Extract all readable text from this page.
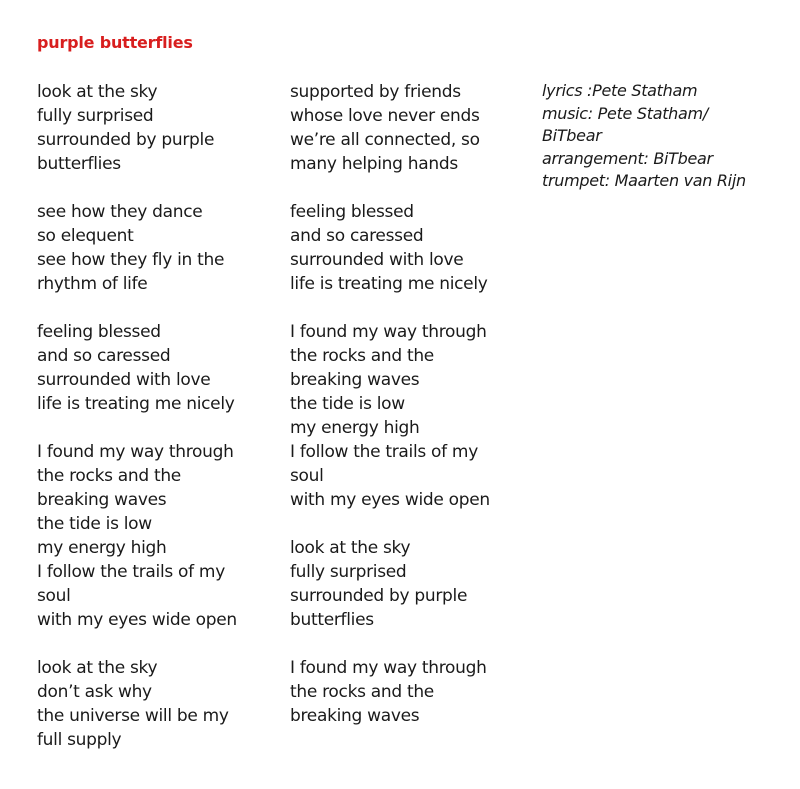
purple butterflies
look at the sky
fully surprised
surrounded by purple
butterflies
see how they dance
so elequent
see how they fly in the
rhythm of life
feeling blessed
and so caressed
surrounded with love
life is treating me nicely
I found my way through
the rocks and the
breaking waves
the tide is low
my energy high
I follow the trails of my
soul
with my eyes wide open
look at the sky
don’t ask why
the universe will be my
full supply
supported by friends
whose love never ends
we’re all connected, so
many helping hands
feeling blessed
and so caressed
surrounded with love
life is treating me nicely
I found my way through
the rocks and the
breaking waves
the tide is low
my energy high
I follow the trails of my
soul
with my eyes wide open
look at the sky
fully surprised
surrounded by purple
butterflies
I found my way through
the rocks and the
breaking waves
lyrics :Pete Statham
music: Pete Statham/
BiTbear
arrangement: BiTbear
trumpet: Maarten van Rijn
